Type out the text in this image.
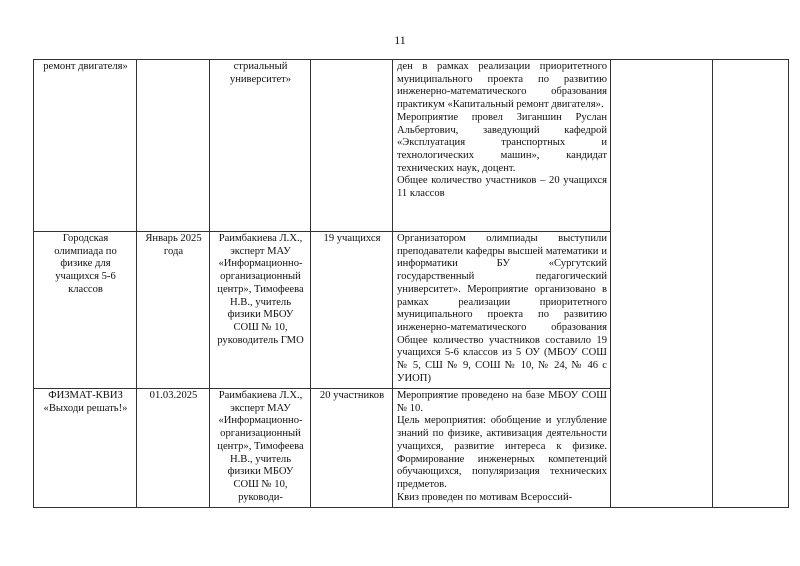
11
ремонт двигателя»		стриальный университет»		ден в рамках реализации приоритетного муниципального проекта по развитию инженерно-математического образования практикум «Капитальный ремонт двигателя».

Мероприятие провел Зиганшин Руслан Альбертович, заведующий кафедрой «Эксплуатация транспортных и технологических машин», кандидат технических наук, доцент.

Общее количество участников – 20 учащихся 11 классов		

Городская олимпиада по физике для учащихся 5-6 классов	Январь 2025 года	Раимбакиева Л.Х., эксперт МАУ «Информационно-организационный центр», Тимофеева Н.В., учитель физики МБОУ СОШ № 10, руководитель ГМО	19 учащихся	Организатором олимпиады выступили преподаватели кафедры высшей математики и информатики БУ «Сургутский государственный педагогический университет». Мероприятие организовано в рамках реализации приоритетного муниципального проекта по развитию инженерно-математического образования Общее количество участников составило 19 учащихся 5-6 классов из 5 ОУ (МБОУ СОШ № 5, СШ № 9, СОШ № 10, № 24, № 46 с УИОП)		

ФИЗМАТ-КВИЗ «Выходи решать!»	01.03.2025	Раимбакиева Л.Х., эксперт МАУ «Информационно-организационный центр», Тимофеева Н.В., учитель физики МБОУ СОШ № 10, руководи-	20 участников	Мероприятие проведено на базе МБОУ СОШ № 10.

Цель мероприятия: обобщение и углубление знаний по физике, активизация деятельности учащихся, развитие интереса к физике. Формирование инженерных компетенций обучающихся, популяризация технических предметов.

Квиз проведен по мотивам Всероссий-		
